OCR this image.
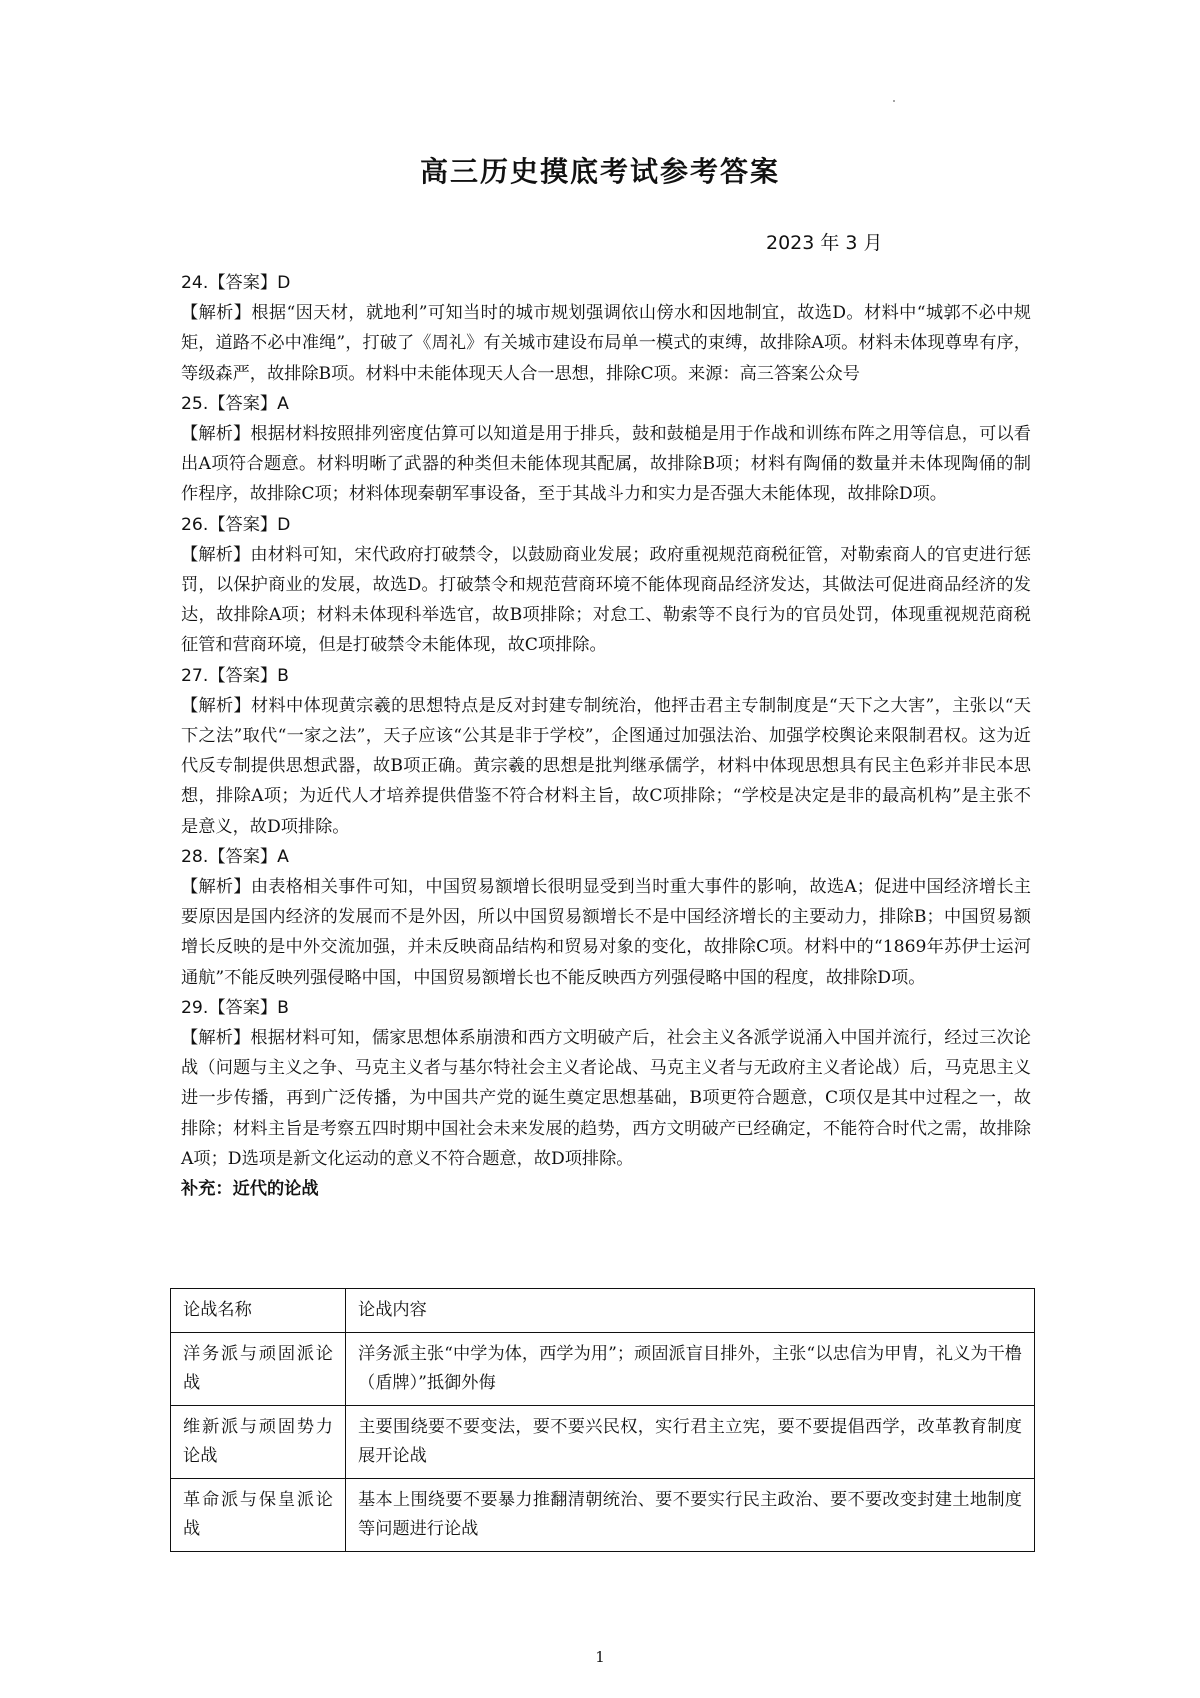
高三历史摸底考试参考答案
2023 年 3 月

24.【答案】D

【解析】根据“因天材，就地利”可知当时的城市规划强调依山傍水和因地制宜，故选D。材料中“城郭不必中规矩，道路不必中准绳”，打破了《周礼》有关城市建设布局单一模式的束缚，故排除A项。材料未体现尊卑有序，等级森严，故排除B项。材料中未能体现天人合一思想，排除C项。来源：高三答案公众号

25.【答案】A

【解析】根据材料按照排列密度估算可以知道是用于排兵，鼓和鼓槌是用于作战和训练布阵之用等信息，可以看出A项符合题意。材料明晰了武器的种类但未能体现其配属，故排除B项；材料有陶俑的数量并未体现陶俑的制作程序，故排除C项；材料体现秦朝军事设备，至于其战斗力和实力是否强大未能体现，故排除D项。

26.【答案】D

【解析】由材料可知，宋代政府打破禁令，以鼓励商业发展；政府重视规范商税征管，对勒索商人的官吏进行惩罚，以保护商业的发展，故选D。打破禁令和规范营商环境不能体现商品经济发达，其做法可促进商品经济的发达，故排除A项；材料未体现科举选官，故B项排除；对怠工、勒索等不良行为的官员处罚，体现重视规范商税征管和营商环境，但是打破禁令未能体现，故C项排除。

27.【答案】B

【解析】材料中体现黄宗羲的思想特点是反对封建专制统治，他抨击君主专制制度是“天下之大害”，主张以“天下之法”取代“一家之法”，天子应该“公其是非于学校”，企图通过加强法治、加强学校舆论来限制君权。这为近代反专制提供思想武器，故B项正确。黄宗羲的思想是批判继承儒学，材料中体现思想具有民主色彩并非民本思想，排除A项；为近代人才培养提供借鉴不符合材料主旨，故C项排除；“学校是决定是非的最高机构”是主张不是意义，故D项排除。

28.【答案】A

【解析】由表格相关事件可知，中国贸易额增长很明显受到当时重大事件的影响，故选A；促进中国经济增长主要原因是国内经济的发展而不是外因，所以中国贸易额增长不是中国经济增长的主要动力，排除B；中国贸易额增长反映的是中外交流加强，并未反映商品结构和贸易对象的变化，故排除C项。材料中的“1869年苏伊士运河通航”不能反映列强侵略中国，中国贸易额增长也不能反映西方列强侵略中国的程度，故排除D项。

29.【答案】B

【解析】根据材料可知，儒家思想体系崩溃和西方文明破产后，社会主义各派学说涌入中国并流行，经过三次论战（问题与主义之争、马克主义者与基尔特社会主义者论战、马克主义者与无政府主义者论战）后，马克思主义进一步传播，再到广泛传播，为中国共产党的诞生奠定思想基础，B项更符合题意，C项仅是其中过程之一，故排除；材料主旨是考察五四时期中国社会未来发展的趋势，西方文明破产已经确定，不能符合时代之需，故排除A项；D选项是新文化运动的意义不符合题意，故D项排除。

补充：近代的论战

论战名称	论战内容
洋务派与顽固派论战	洋务派主张“中学为体，西学为用”；顽固派盲目排外，主张“以忠信为甲胄，礼义为干橹（盾牌）”抵御外侮
维新派与顽固势力论战	主要围绕要不要变法，要不要兴民权，实行君主立宪，要不要提倡西学，改革教育制度展开论战
革命派与保皇派论战	基本上围绕要不要暴力推翻清朝统治、要不要实行民主政治、要不要改变封建土地制度等问题进行论战
1
